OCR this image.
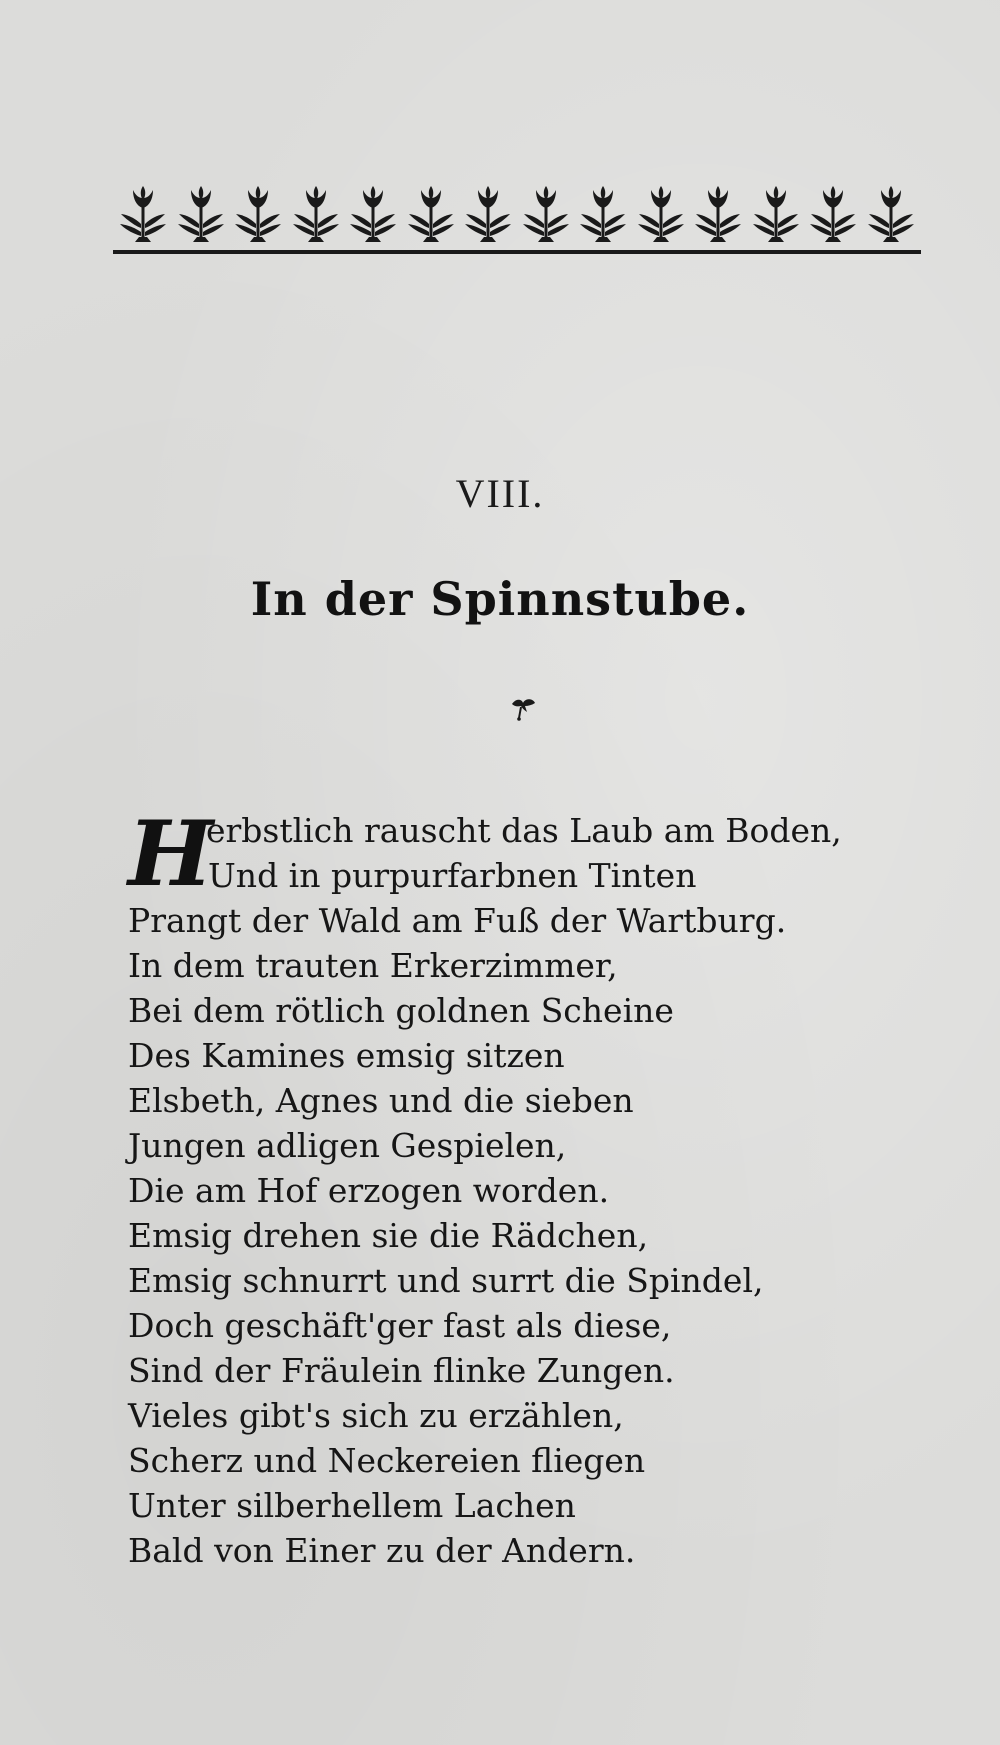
VIII.
In der Spinnstube.
H
erbstlich rauscht das Laub am Boden,
Und in purpurfarbnen Tinten
Prangt der Wald am Fuß der Wartburg.
In dem trauten Erkerzimmer,
Bei dem rötlich goldnen Scheine
Des Kamines emsig sitzen
Elsbeth, Agnes und die sieben
Jungen adligen Gespielen,
Die am Hof erzogen worden.
Emsig drehen sie die Rädchen,
Emsig schnurrt und surrt die Spindel,
Doch geschäft'ger fast als diese,
Sind der Fräulein flinke Zungen.
Vieles gibt's sich zu erzählen,
Scherz und Neckereien fliegen
Unter silberhellem Lachen
Bald von Einer zu der Andern.
